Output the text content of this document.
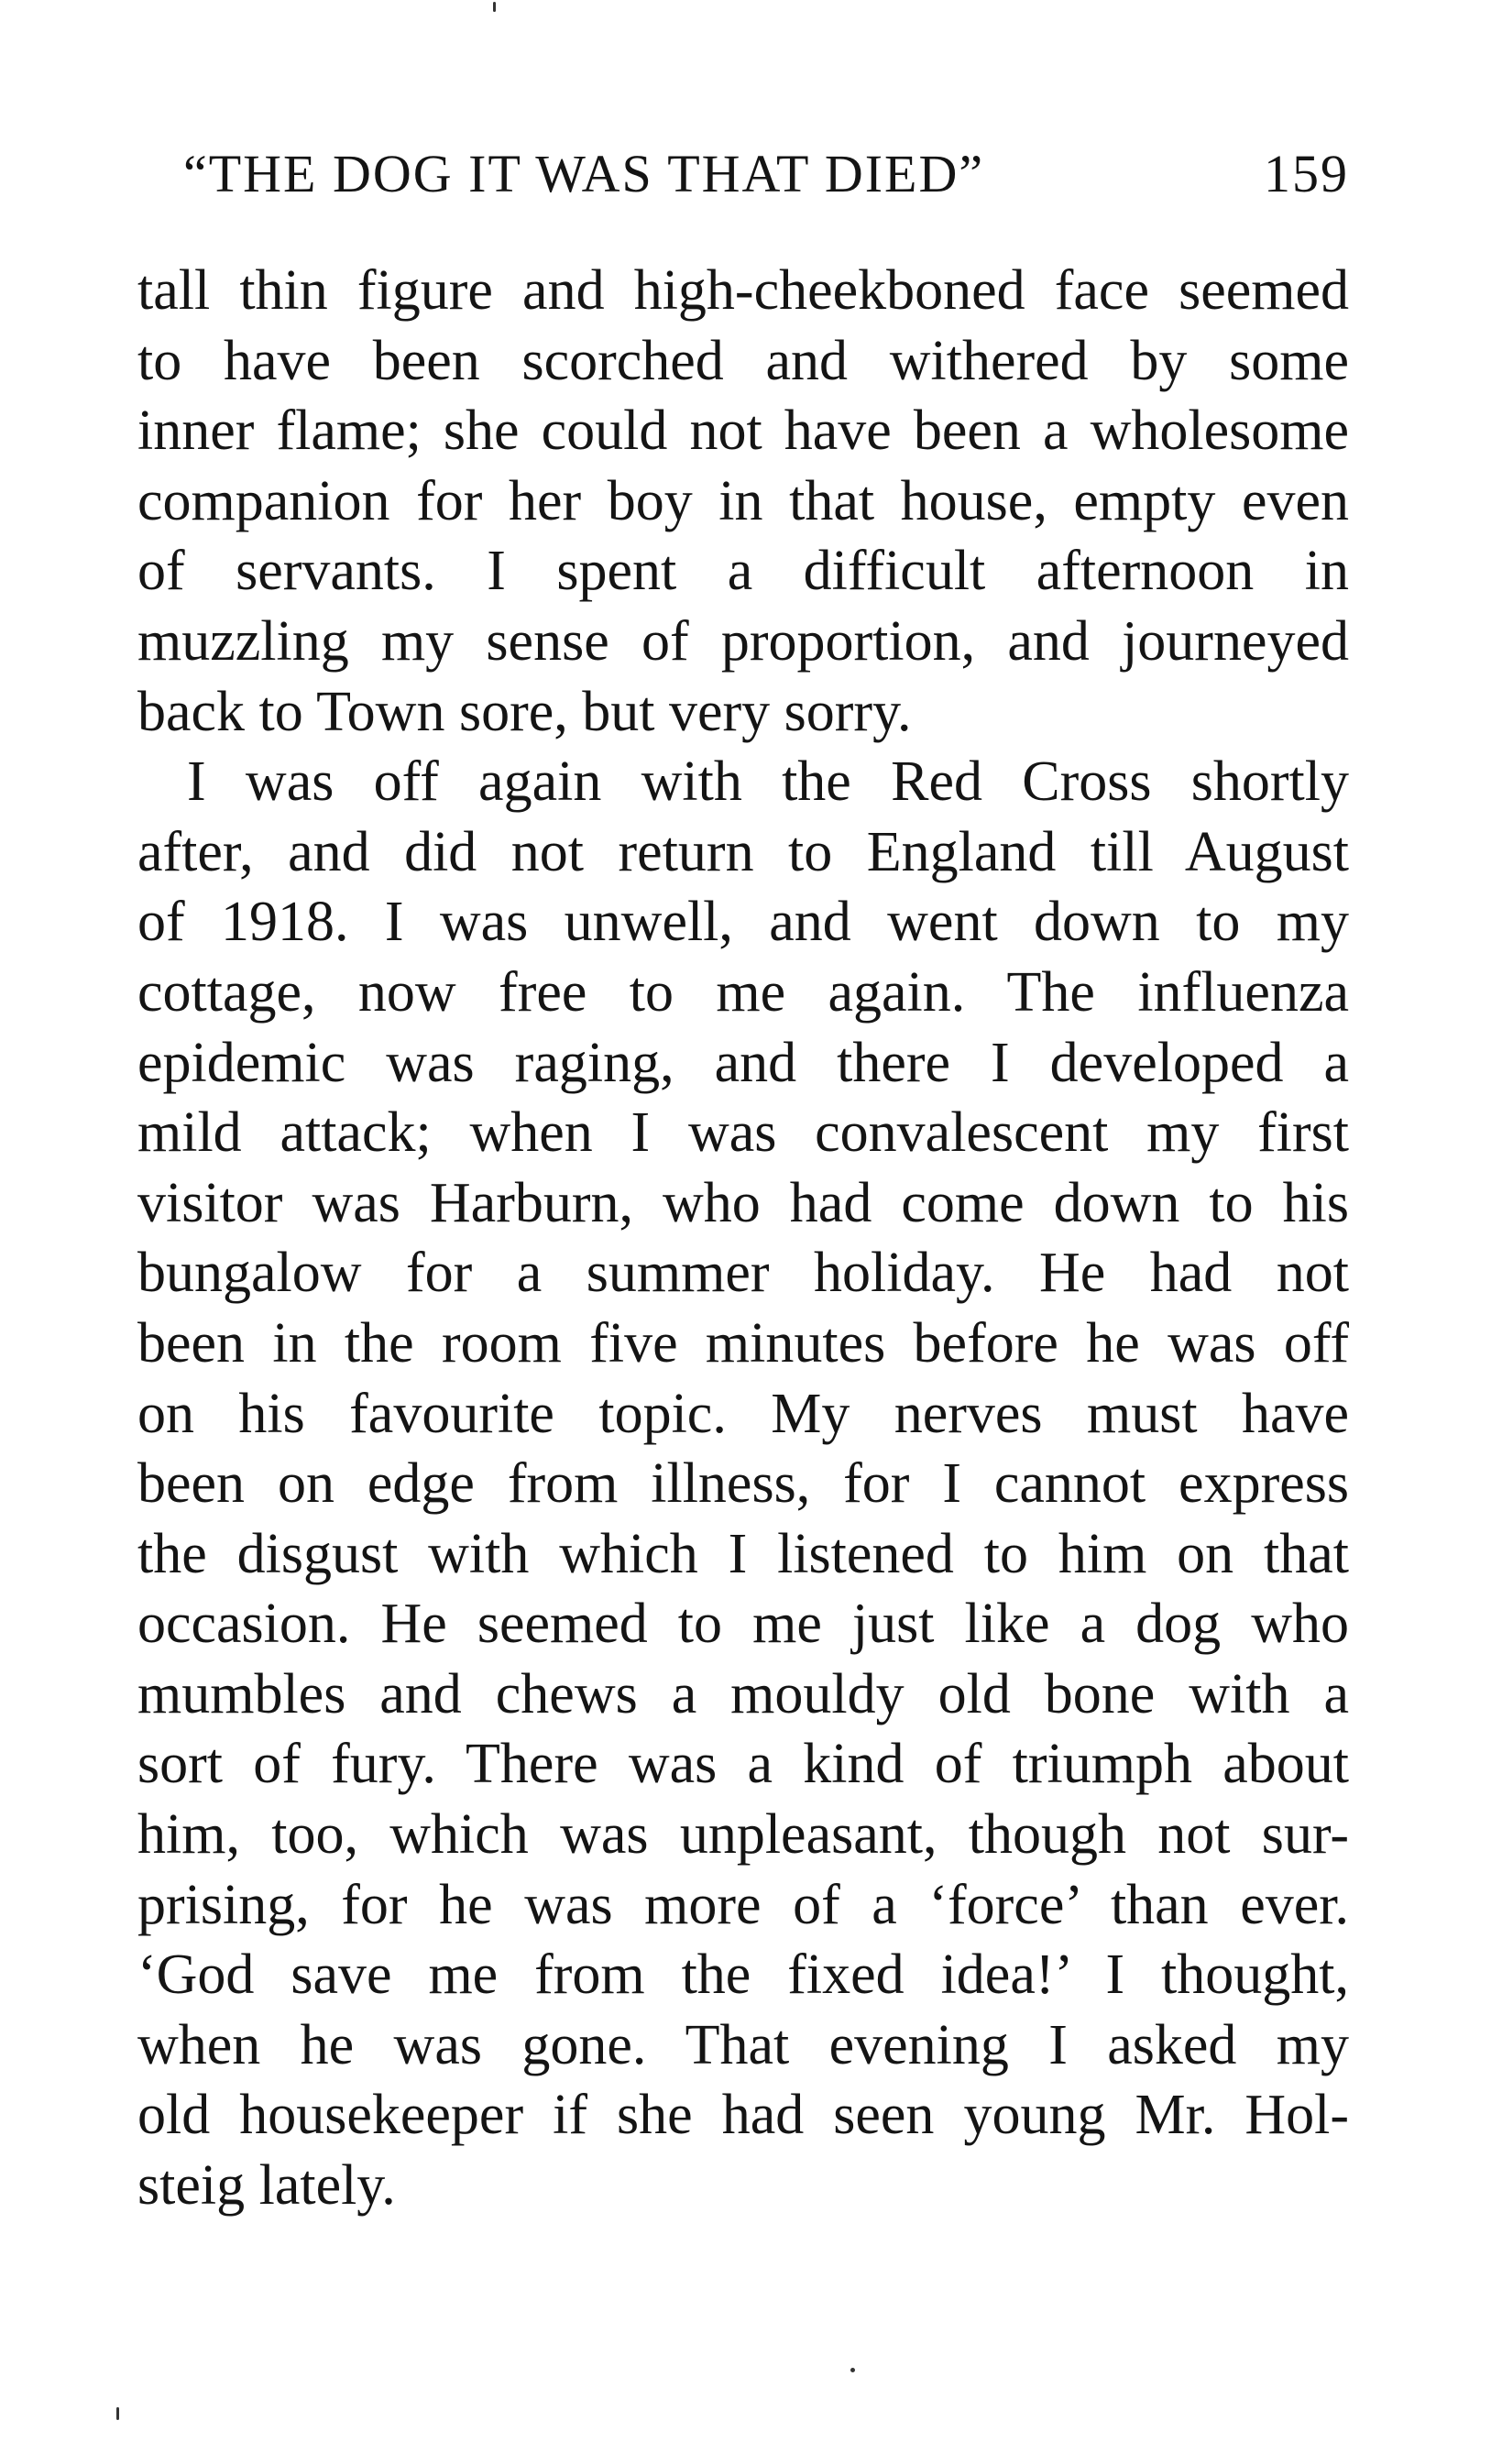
“THE DOG IT WAS THAT DIED”	159
tall thin figure and high-cheekboned face seemed
to have been scorched and withered by some
inner flame; she could not have been a wholesome
companion for her boy in that house, empty even
of servants. I spent a difficult afternoon in
muzzling my sense of proportion, and journeyed
back to Town sore, but very sorry.
I was off again with the Red Cross shortly
after, and did not return to England till August
of 1918. I was unwell, and went down to my
cottage, now free to me again. The influenza
epidemic was raging, and there I developed a
mild attack; when I was convalescent my first
visitor was Harburn, who had come down to his
bungalow for a summer holiday. He had not
been in the room five minutes before he was off
on his favourite topic. My nerves must have
been on edge from illness, for I cannot express
the disgust with which I listened to him on that
occasion. He seemed to me just like a dog who
mumbles and chews a mouldy old bone with a
sort of fury. There was a kind of triumph about
him, too, which was unpleasant, though not sur-
prising, for he was more of a ‘force’ than ever.
‘God save me from the fixed idea!’ I thought,
when he was gone. That evening I asked my
old housekeeper if she had seen young Mr. Hol-
steig lately.
